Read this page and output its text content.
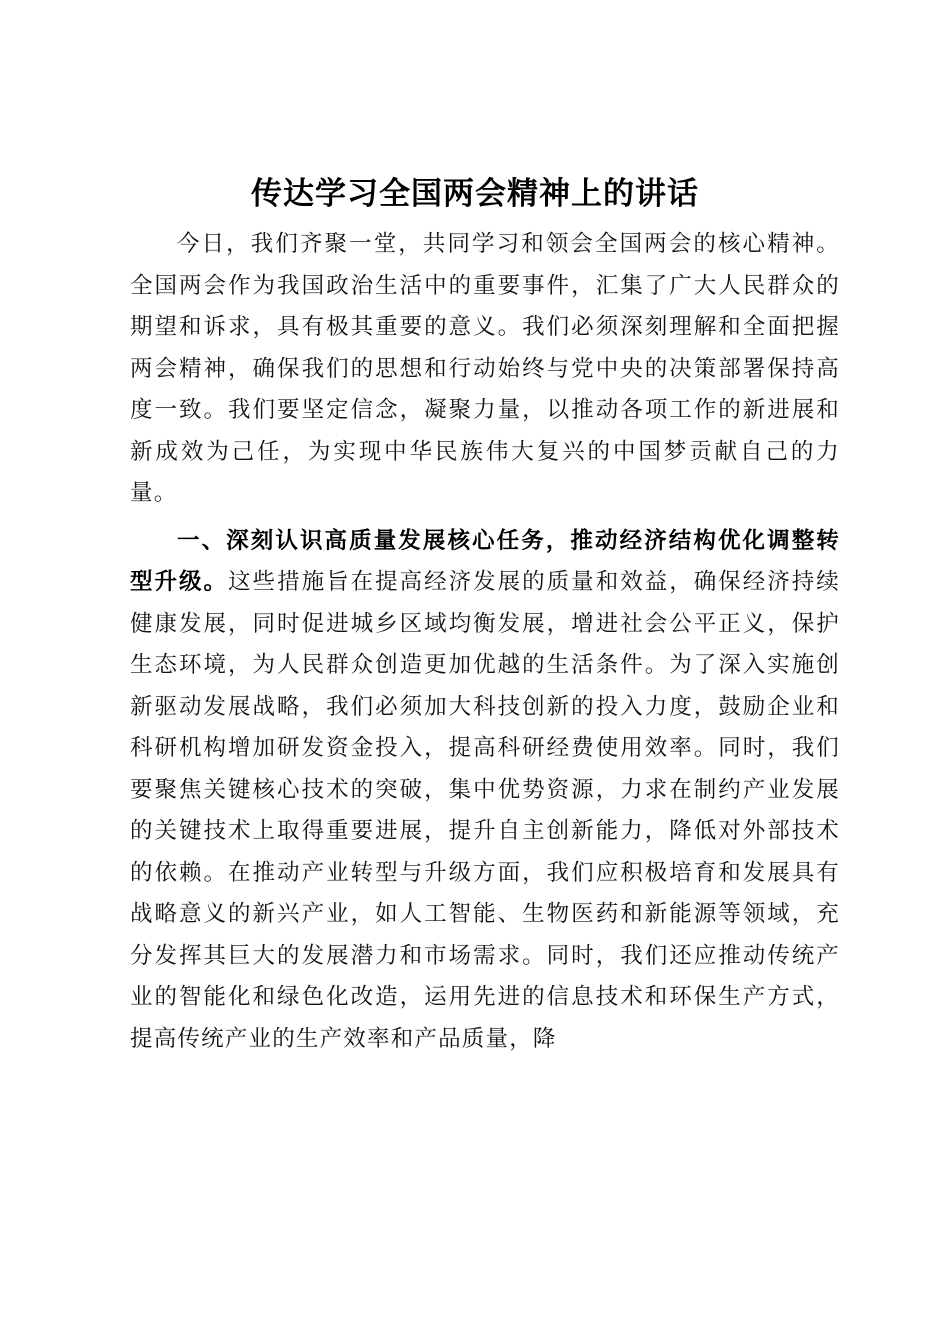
传达学习全国两会精神上的讲话

今日，我们齐聚一堂，共同学习和领会全国两会的核心精神。全国两会作为我国政治生活中的重要事件，汇集了广大人民群众的期望和诉求，具有极其重要的意义。我们必须深刻理解和全面把握两会精神，确保我们的思想和行动始终与党中央的决策部署保持高度一致。我们要坚定信念，凝聚力量，以推动各项工作的新进展和新成效为己任，为实现中华民族伟大复兴的中国梦贡献自己的力量。

一、深刻认识高质量发展核心任务，推动经济结构优化调整转型升级。这些措施旨在提高经济发展的质量和效益，确保经济持续健康发展，同时促进城乡区域均衡发展，增进社会公平正义，保护生态环境，为人民群众创造更加优越的生活条件。为了深入实施创新驱动发展战略，我们必须加大科技创新的投入力度，鼓励企业和科研机构增加研发资金投入，提高科研经费使用效率。同时，我们要聚焦关键核心技术的突破，集中优势资源，力求在制约产业发展的关键技术上取得重要进展，提升自主创新能力，降低对外部技术的依赖。在推动产业转型与升级方面，我们应积极培育和发展具有战略意义的新兴产业，如人工智能、生物医药和新能源等领域，充分发挥其巨大的发展潜力和市场需求。同时，我们还应推动传统产业的智能化和绿色化改造，运用先进的信息技术和环保生产方式，提高传统产业的生产效率和产品质量，降
